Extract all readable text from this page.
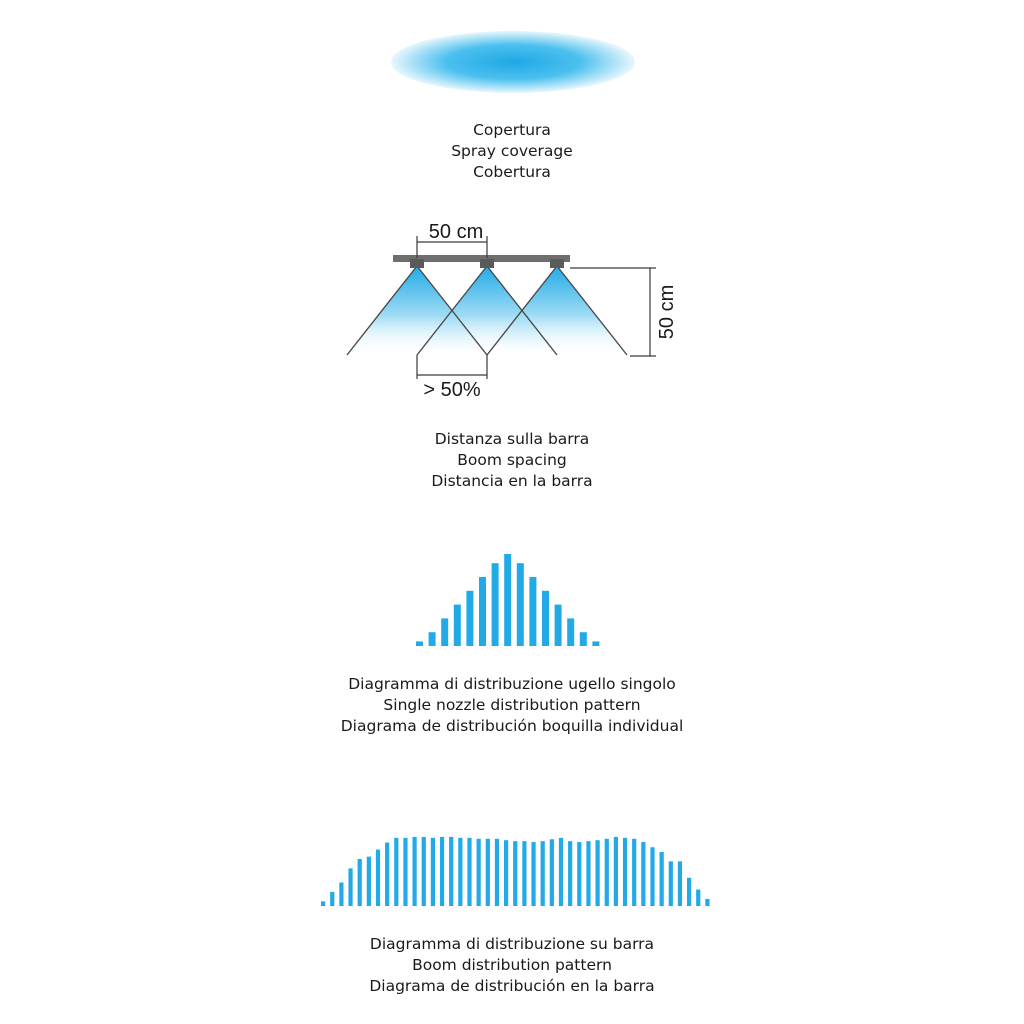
50 cm
50 cm
> 50%
Copertura
Spray coverage
Cobertura
Distanza sulla barra
Boom spacing
Distancia en la barra
Diagramma di distribuzione ugello singolo
Single nozzle distribution pattern
Diagrama de distribución boquilla individual
Diagramma di distribuzione su barra
Boom distribution pattern
Diagrama de distribución en la barra
